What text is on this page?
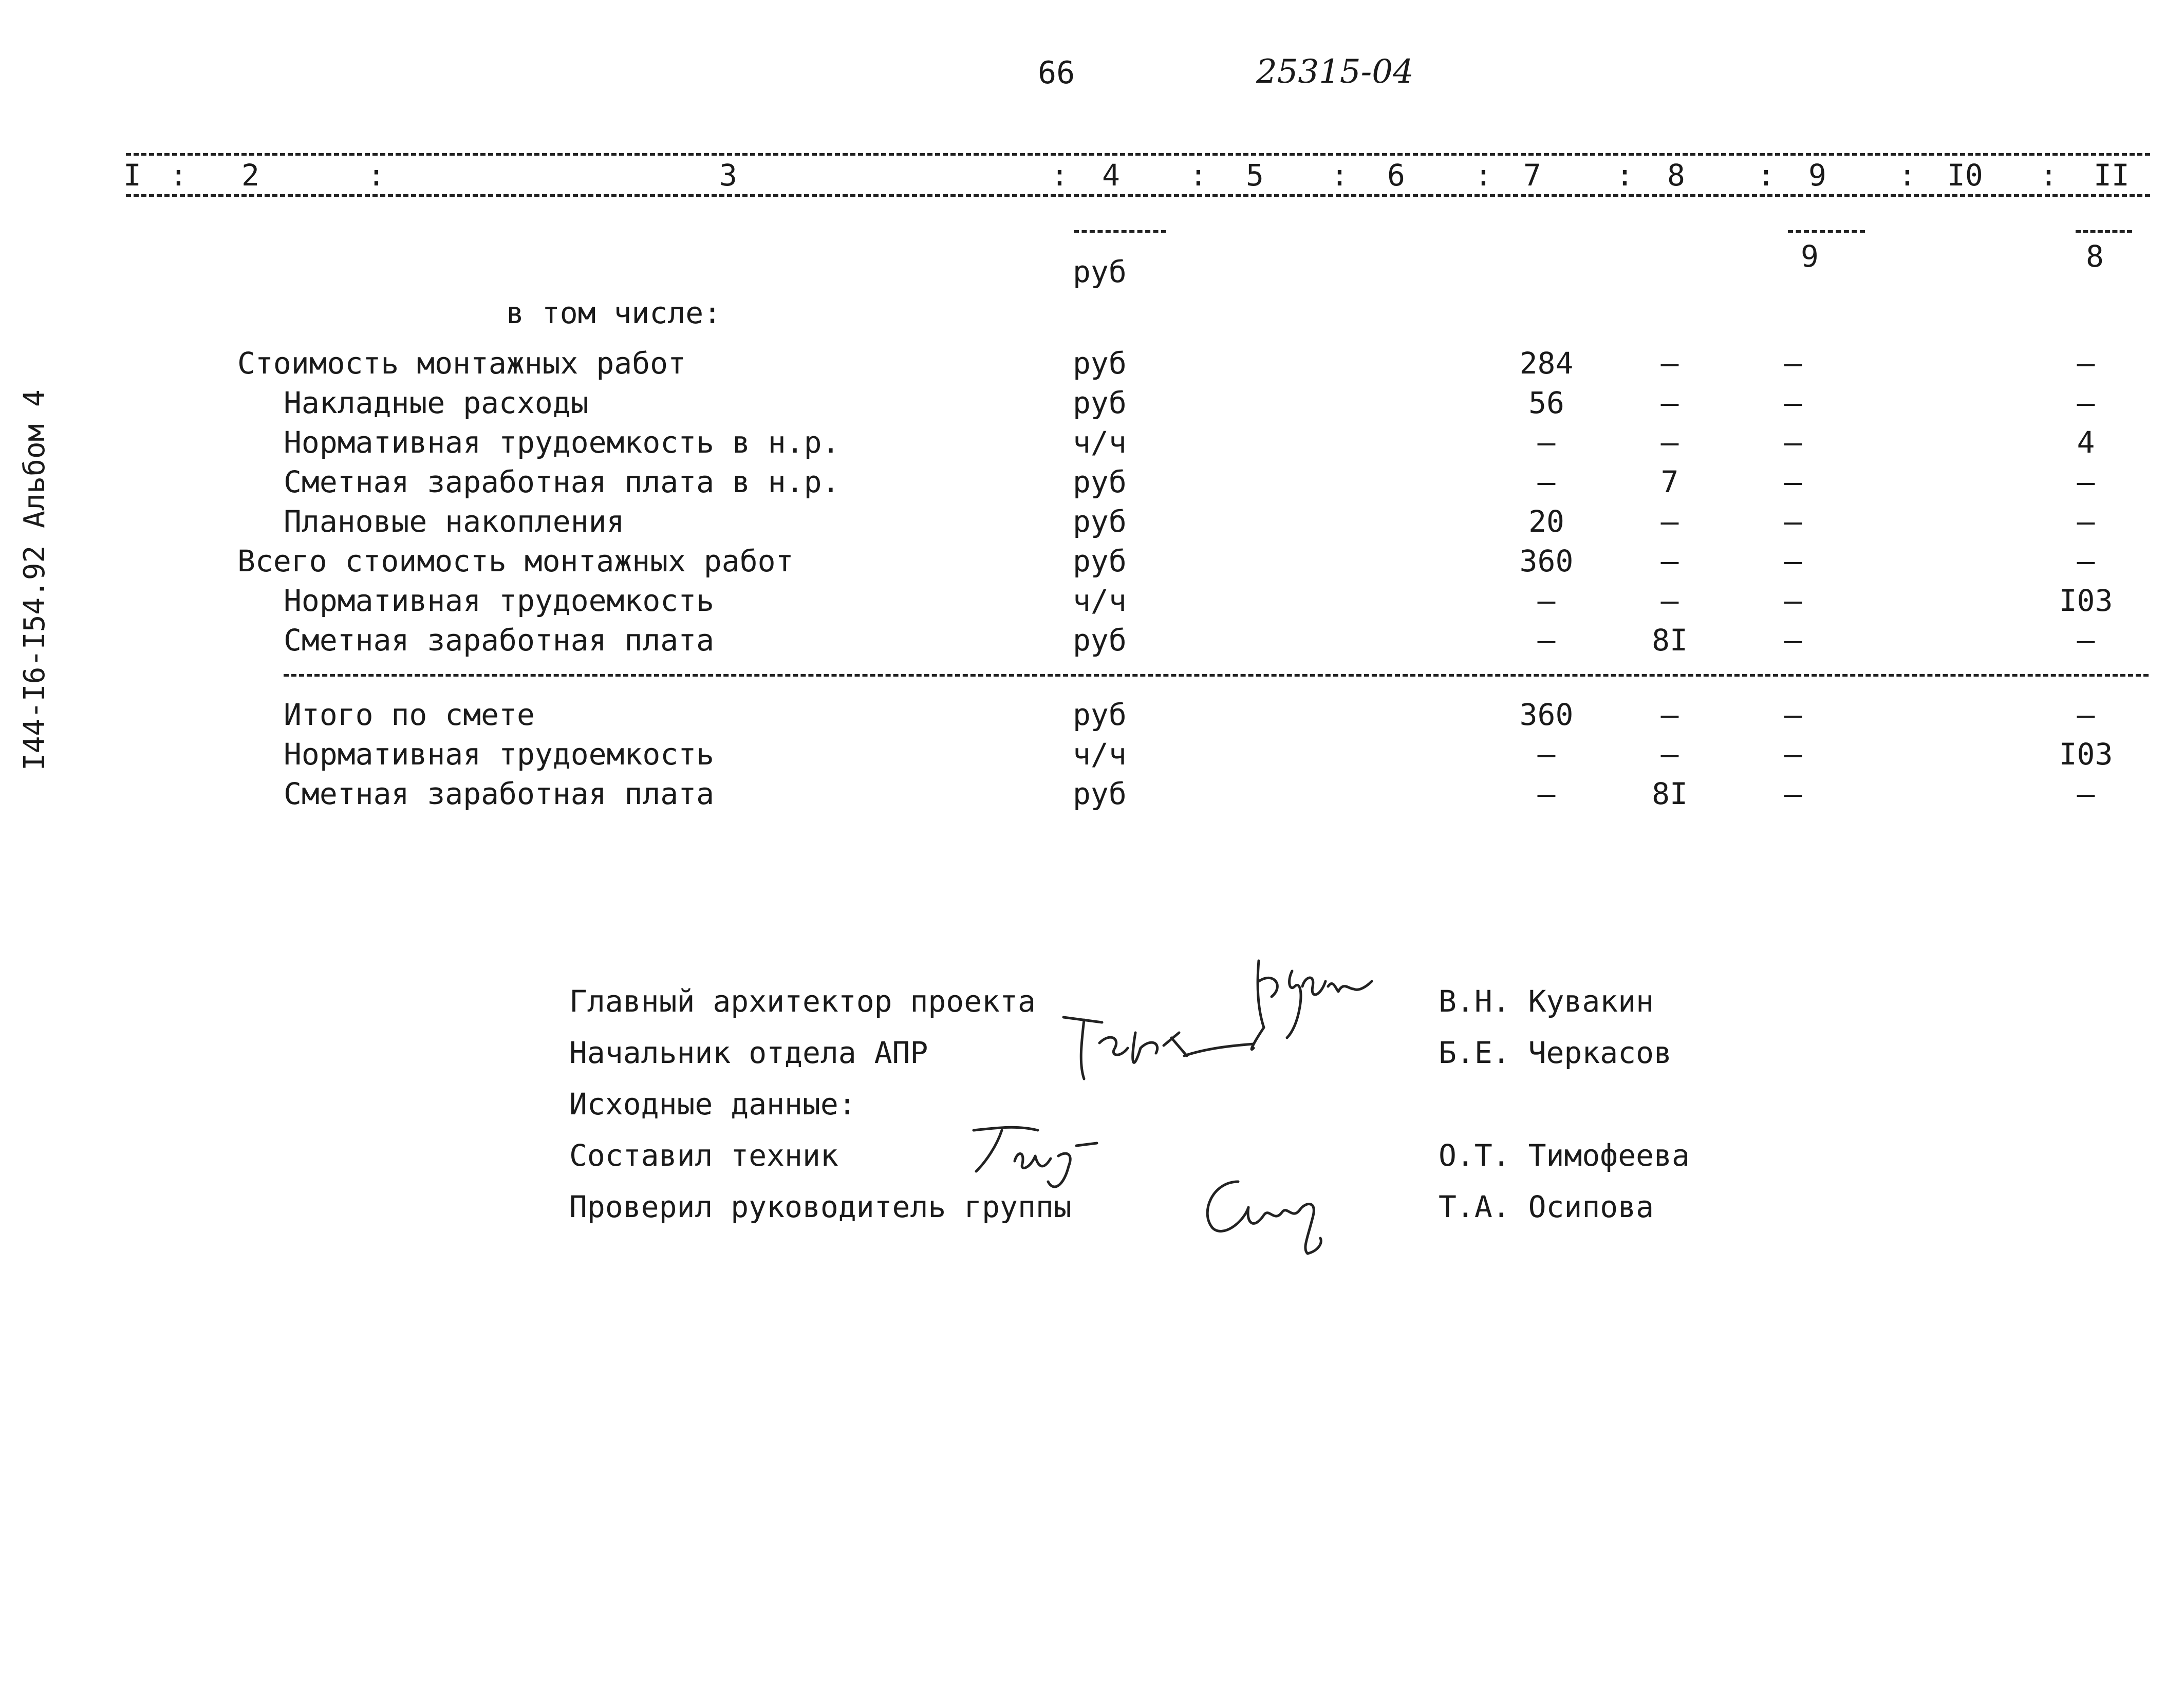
66	25315-04
I44-I6-I54.92 Альбом 4
I	2	3	4	5	6	7	8	9	I0	II
:	:	:	:	:	:	:	:	:	:
руб	9	8
в том числе:
Стоимость монтажных работ	руб	284	–	–	–
Накладные расходы	руб	56	–	–	–
Нормативная трудоемкость в н.р.	ч/ч	–	–	–	4
Сметная заработная плата в н.р.	руб	–	7	–	–
Плановые накопления	руб	20	–	–	–
Всего стоимость монтажных работ	руб	360	–	–	–
Нормативная трудоемкость	ч/ч	–	–	–	I03
Сметная заработная плата	руб	–	8I	–	–
Итого по смете	руб	360	–	–	–
Нормативная трудоемкость	ч/ч	–	–	–	I03
Сметная заработная плата	руб	–	8I	–	–
Главный архитектор проекта	В.Н. Кувакин
Начальник отдела АПР	Б.Е. Черкасов
Исходные данные:
Составил техник	О.Т. Тимофеева
Проверил руководитель группы	Т.А. Осипова
